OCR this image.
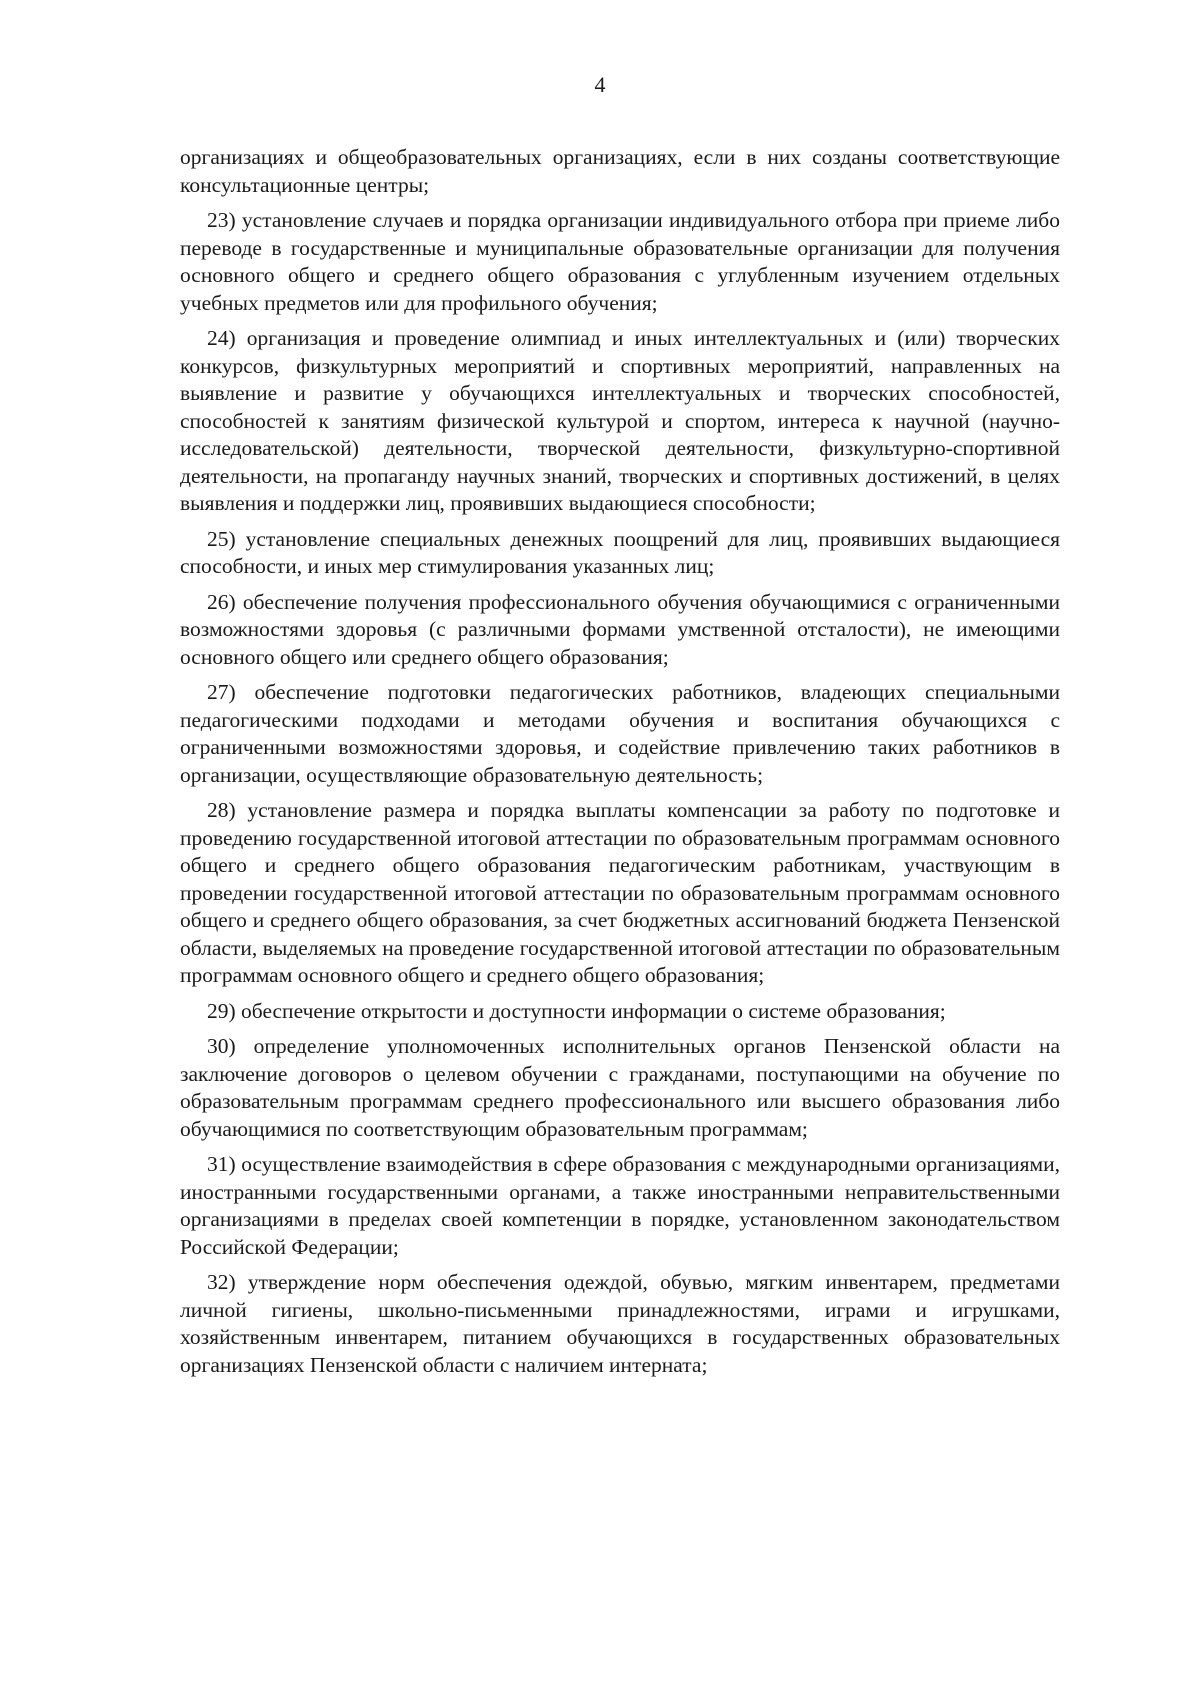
4

организациях и общеобразовательных организациях, если в них созданы соответствующие консультационные центры;

23) установление случаев и порядка организации индивидуального отбора при приеме либо переводе в государственные и муниципальные образовательные организации для получения основного общего и среднего общего образования с углубленным изучением отдельных учебных предметов или для профильного обучения;

24) организация и проведение олимпиад и иных интеллектуальных и (или) творческих конкурсов, физкультурных мероприятий и спортивных мероприятий, направленных на выявление и развитие у обучающихся интеллектуальных и творческих способностей, способностей к занятиям физической культурой и спортом, интереса к научной (научно-исследовательской) деятельности, творческой деятельности, физкультурно-спортивной деятельности, на пропаганду научных знаний, творческих и спортивных достижений, в целях выявления и поддержки лиц, проявивших выдающиеся способности;

25) установление специальных денежных поощрений для лиц, проявивших выдающиеся способности, и иных мер стимулирования указанных лиц;

26) обеспечение получения профессионального обучения обучающимися с ограниченными возможностями здоровья (с различными формами умственной отсталости), не имеющими основного общего или среднего общего образования;

27) обеспечение подготовки педагогических работников, владеющих специальными педагогическими подходами и методами обучения и воспитания обучающихся с ограниченными возможностями здоровья, и содействие привлечению таких работников в организации, осуществляющие образовательную деятельность;

28) установление размера и порядка выплаты компенсации за работу по подготовке и проведению государственной итоговой аттестации по образовательным программам основного общего и среднего общего образования педагогическим работникам, участвующим в проведении государственной итоговой аттестации по образовательным программам основного общего и среднего общего образования, за счет бюджетных ассигнований бюджета Пензенской области, выделяемых на проведение государственной итоговой аттестации по образовательным программам основного общего и среднего общего образования;

29) обеспечение открытости и доступности информации о системе образования;

30) определение уполномоченных исполнительных органов Пензенской области на заключение договоров о целевом обучении с гражданами, поступающими на обучение по образовательным программам среднего профессионального или высшего образования либо обучающимися по соответствующим образовательным программам;

31) осуществление взаимодействия в сфере образования с международными организациями, иностранными государственными органами, а также иностранными неправительственными организациями в пределах своей компетенции в порядке, установленном законодательством Российской Федерации;

32) утверждение норм обеспечения одеждой, обувью, мягким инвентарем, предметами личной гигиены, школьно-письменными принадлежностями, играми и игрушками, хозяйственным инвентарем, питанием обучающихся в государственных образовательных организациях Пензенской области с наличием интерната;
